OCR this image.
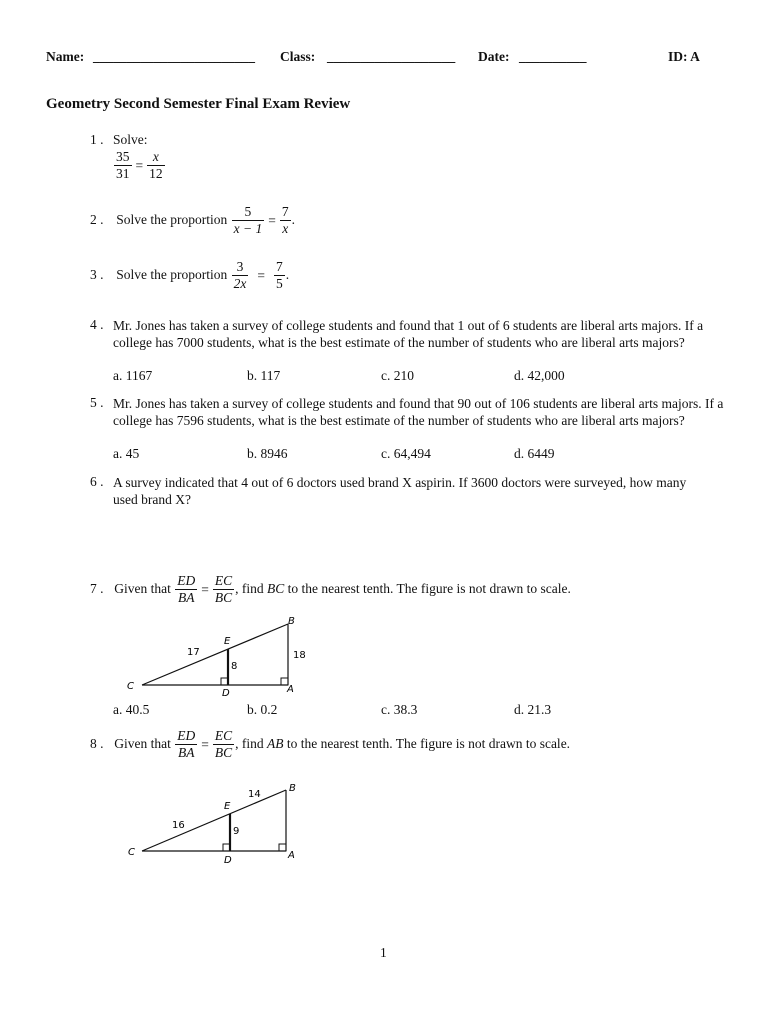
Name: ________________________ Class: ___________________ Date: __________	ID: A
Geometry Second Semester Final Exam Review
1 . Solve:
$\frac{35}{31} = \frac{x}{12}$
2 . Solve the proportion $\frac{5}{x - 1} = \frac{7}{x}$ .
3 . Solve the proportion $\frac{3}{2x} = \frac{7}{5}$ .
4 . Mr. Jones has taken a survey of college students and found that 1 out of 6 students are liberal arts majors. If a college has 7000 students, what is the best estimate of the number of students who are liberal arts majors?
a. 1167	b. 117	c. 210	d. 42,000
5 . Mr. Jones has taken a survey of college students and found that 90 out of 106 students are liberal arts majors. If a college has 7596 students, what is the best estimate of the number of students who are liberal arts majors?
a. 45	b. 8946	c. 64,494	d. 6449
6 . A survey indicated that 4 out of 6 doctors used brand X aspirin. If 3600 doctors were surveyed, how many used brand X?
7 . Given that $\frac{ED}{BA} = \frac{EC}{BC}$ , find BC to the nearest tenth. The figure is not drawn to scale.
C
E
B
D	A
17
8
18
a. 40.5	b. 0.2	c. 38.3	d. 21.3
8 . Given that $\frac{ED}{BA} = \frac{EC}{BC}$ , find AB to the nearest tenth. The figure is not drawn to scale.
C
E
B
D	A
16
14
9
1
